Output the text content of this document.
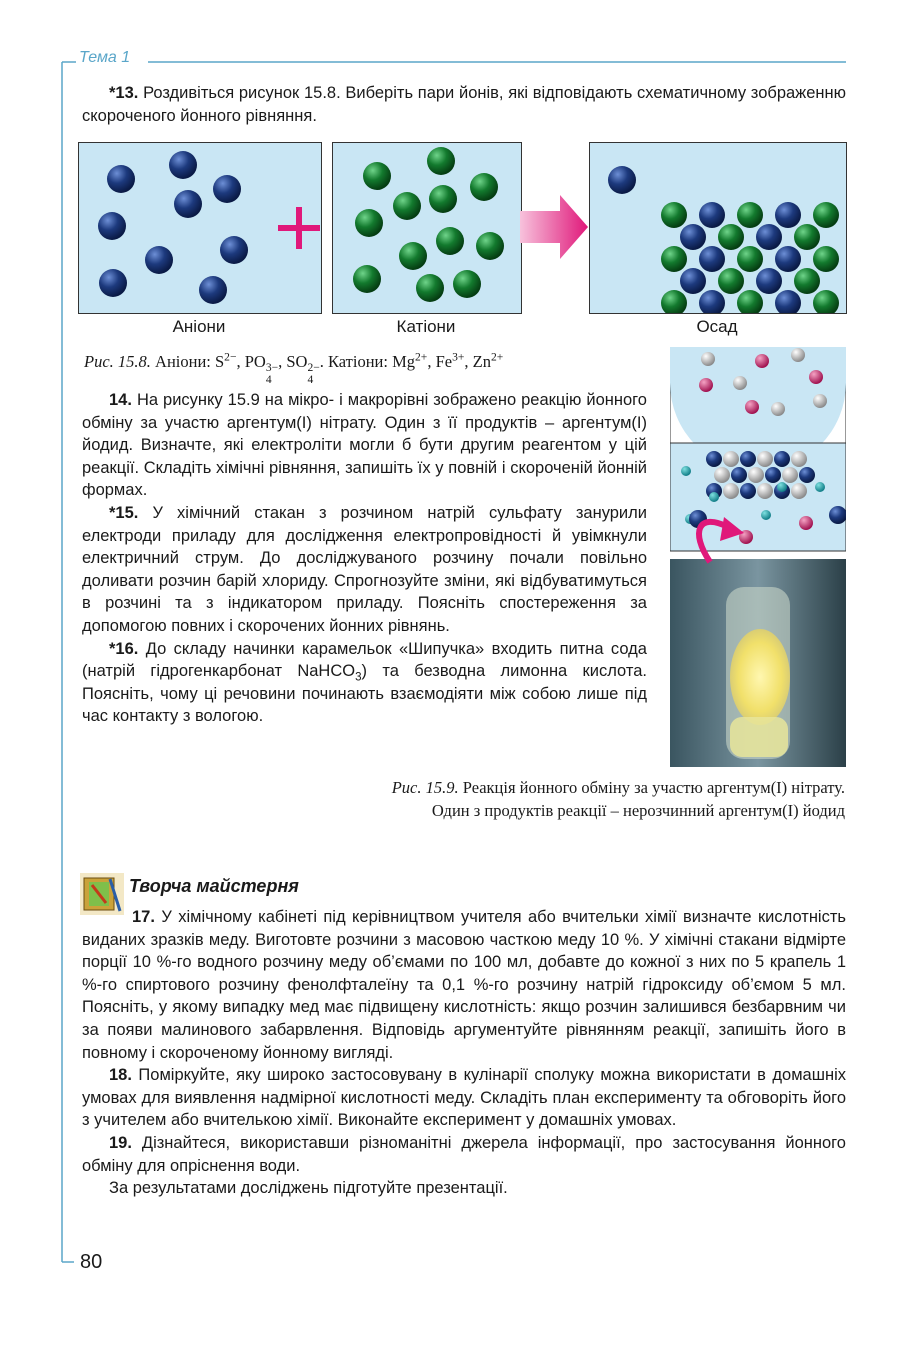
Тема 1

*13. Роздивіться рисунок 15.8. Виберіть пари йонів, які відповідають схематичному зображенню скороченого йонного рівняння.

Аніони	Катіони	Осад
Рис. 15.8. Аніони: $S^{2-}$, PO 3−
4
, SO 2−
4
. Катіони: $Mg^{2+}$, $Fe^{3+}$, $Zn^{2+}$

14. На рисунку 15.9 на мікро- і макрорівні зображено реакцію йонного обміну за участю аргентум(I) нітрату. Один з її продуктів – аргентум(I) йодид. Визначте, які електроліти могли б бути другим реагентом у цій реакції. Складіть хімічні рівняння, запишіть їх у повній і скороченій йонній формах.

*15. У хімічний стакан з розчином натрій сульфату занурили електроди приладу для дослідження електропровідності й увімкнули електричний струм. До досліджуваного розчину почали повільно доливати розчин барій хлориду. Спрогнозуйте зміни, які відбуватимуться в розчині та з індикатором приладу. Поясніть спостереження за допомогою повних і скорочених йонних рівнянь.

*16. До складу начинки карамельок «Шипучка» входить питна сода (натрій гідрогенкарбонат NaHCO$_3$) та безводна лимонна кислота. Поясніть, чому ці речовини починають взаємодіяти між собою лише під час контакту з вологою.

Рис. 15.9. Реакція йонного обміну за участю аргентум(I) нітрату. Один з продуктів реакції – нерозчинний аргентум(I) йодид
Творча майстерня

17. У хімічному кабінеті під керівництвом учителя або вчительки хімії визначте кислотність виданих зразків меду. Виготовте розчини з масовою часткою меду 10 %. У хімічні стакани відмірте порції 10 %-го водного розчину меду об’ємами по 100 мл, добавте до кожної з них по 5 крапель 1 %-го спиртового розчину фенолфталеїну та 0,1 %-го розчину натрій гідроксиду об’ємом 5 мл. Поясніть, у якому випадку мед має підвищену кислотність: якщо розчин залишився безбарвним чи за появи малинового забарвлення. Відповідь аргументуйте рівнянням реакції, запишіть його в повному і скороченому йонному вигляді.

18. Поміркуйте, яку широко застосовувану в кулінарії сполуку можна використати в домашніх умовах для виявлення надмірної кислотності меду. Складіть план експерименту та обговоріть його з учителем або вчителькою хімії. Виконайте експеримент у домашніх умовах.

19. Дізнайтеся, використавши різноманітні джерела інформації, про застосування йонного обміну для опріснення води.

За результатами досліджень підготуйте презентації.

80
